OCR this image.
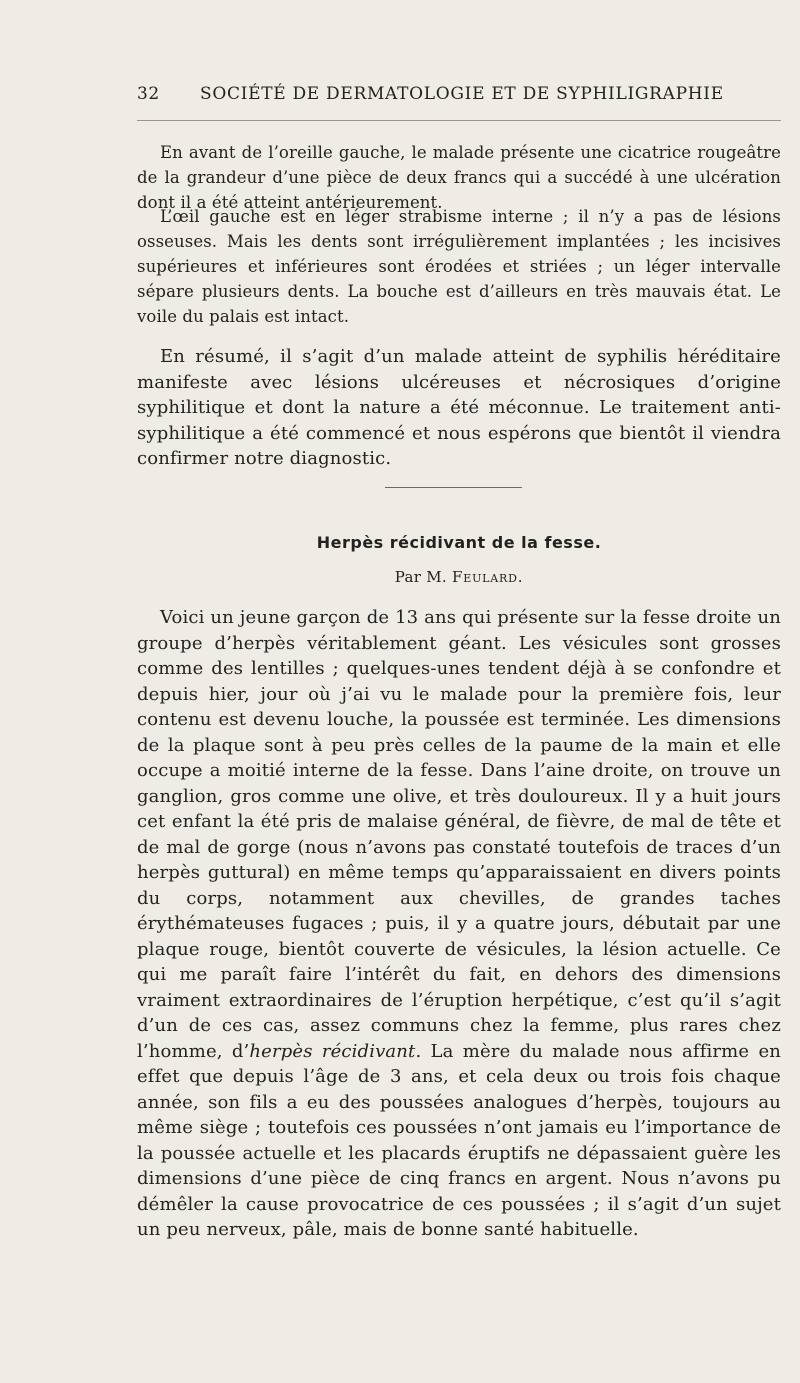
32 SOCIÉTÉ DE DERMATOLOGIE ET DE SYPHILIGRAPHIE

En avant de l’oreille gauche, le malade présente une cicatrice rougeâtre de la grandeur d’une pièce de deux francs qui a succédé à une ulcération dont il a été atteint antérieurement.

L’œil gauche est en léger strabisme interne ; il n’y a pas de lésions osseuses. Mais les dents sont irrégulièrement implantées ; les incisives supérieures et inférieures sont érodées et striées ; un léger intervalle sépare plusieurs dents. La bouche est d’ailleurs en très mauvais état. Le voile du palais est intact.

En résumé, il s’agit d’un malade atteint de syphilis héréditaire manifeste avec lésions ulcéreuses et nécrosiques d’origine syphilitique et dont la nature a été méconnue. Le traitement anti-syphilitique a été commencé et nous espérons que bientôt il viendra confirmer notre diagnostic.

Herpès récidivant de la fesse.
Par M. Feulard.

Voici un jeune garçon de 13 ans qui présente sur la fesse droite un groupe d’herpès véritablement géant. Les vésicules sont grosses comme des lentilles ; quelques-unes tendent déjà à se confondre et depuis hier, jour où j’ai vu le malade pour la première fois, leur contenu est devenu louche, la poussée est terminée. Les dimensions de la plaque sont à peu près celles de la paume de la main et elle occupe a moitié interne de la fesse. Dans l’aine droite, on trouve un ganglion, gros comme une olive, et très douloureux. Il y a huit jours cet enfant la été pris de malaise général, de fièvre, de mal de tête et de mal de gorge (nous n’avons pas constaté toutefois de traces d’un herpès guttural) en même temps qu’apparaissaient en divers points du corps, notamment aux chevilles, de grandes taches érythémateuses fugaces ; puis, il y a quatre jours, débutait par une plaque rouge, bientôt couverte de vésicules, la lésion actuelle. Ce qui me paraît faire l’intérêt du fait, en dehors des dimensions vraiment extraordinaires de l’éruption herpétique, c’est qu’il s’agit d’un de ces cas, assez communs chez la femme, plus rares chez l’homme, d’herpès récidivant. La mère du malade nous affirme en effet que depuis l’âge de 3 ans, et cela deux ou trois fois chaque année, son fils a eu des poussées analogues d’herpès, toujours au même siège ; toutefois ces poussées n’ont jamais eu l’importance de la poussée actuelle et les placards éruptifs ne dépassaient guère les dimensions d’une pièce de cinq francs en argent. Nous n’avons pu démêler la cause provocatrice de ces poussées ; il s’agit d’un sujet un peu nerveux, pâle, mais de bonne santé habituelle.
